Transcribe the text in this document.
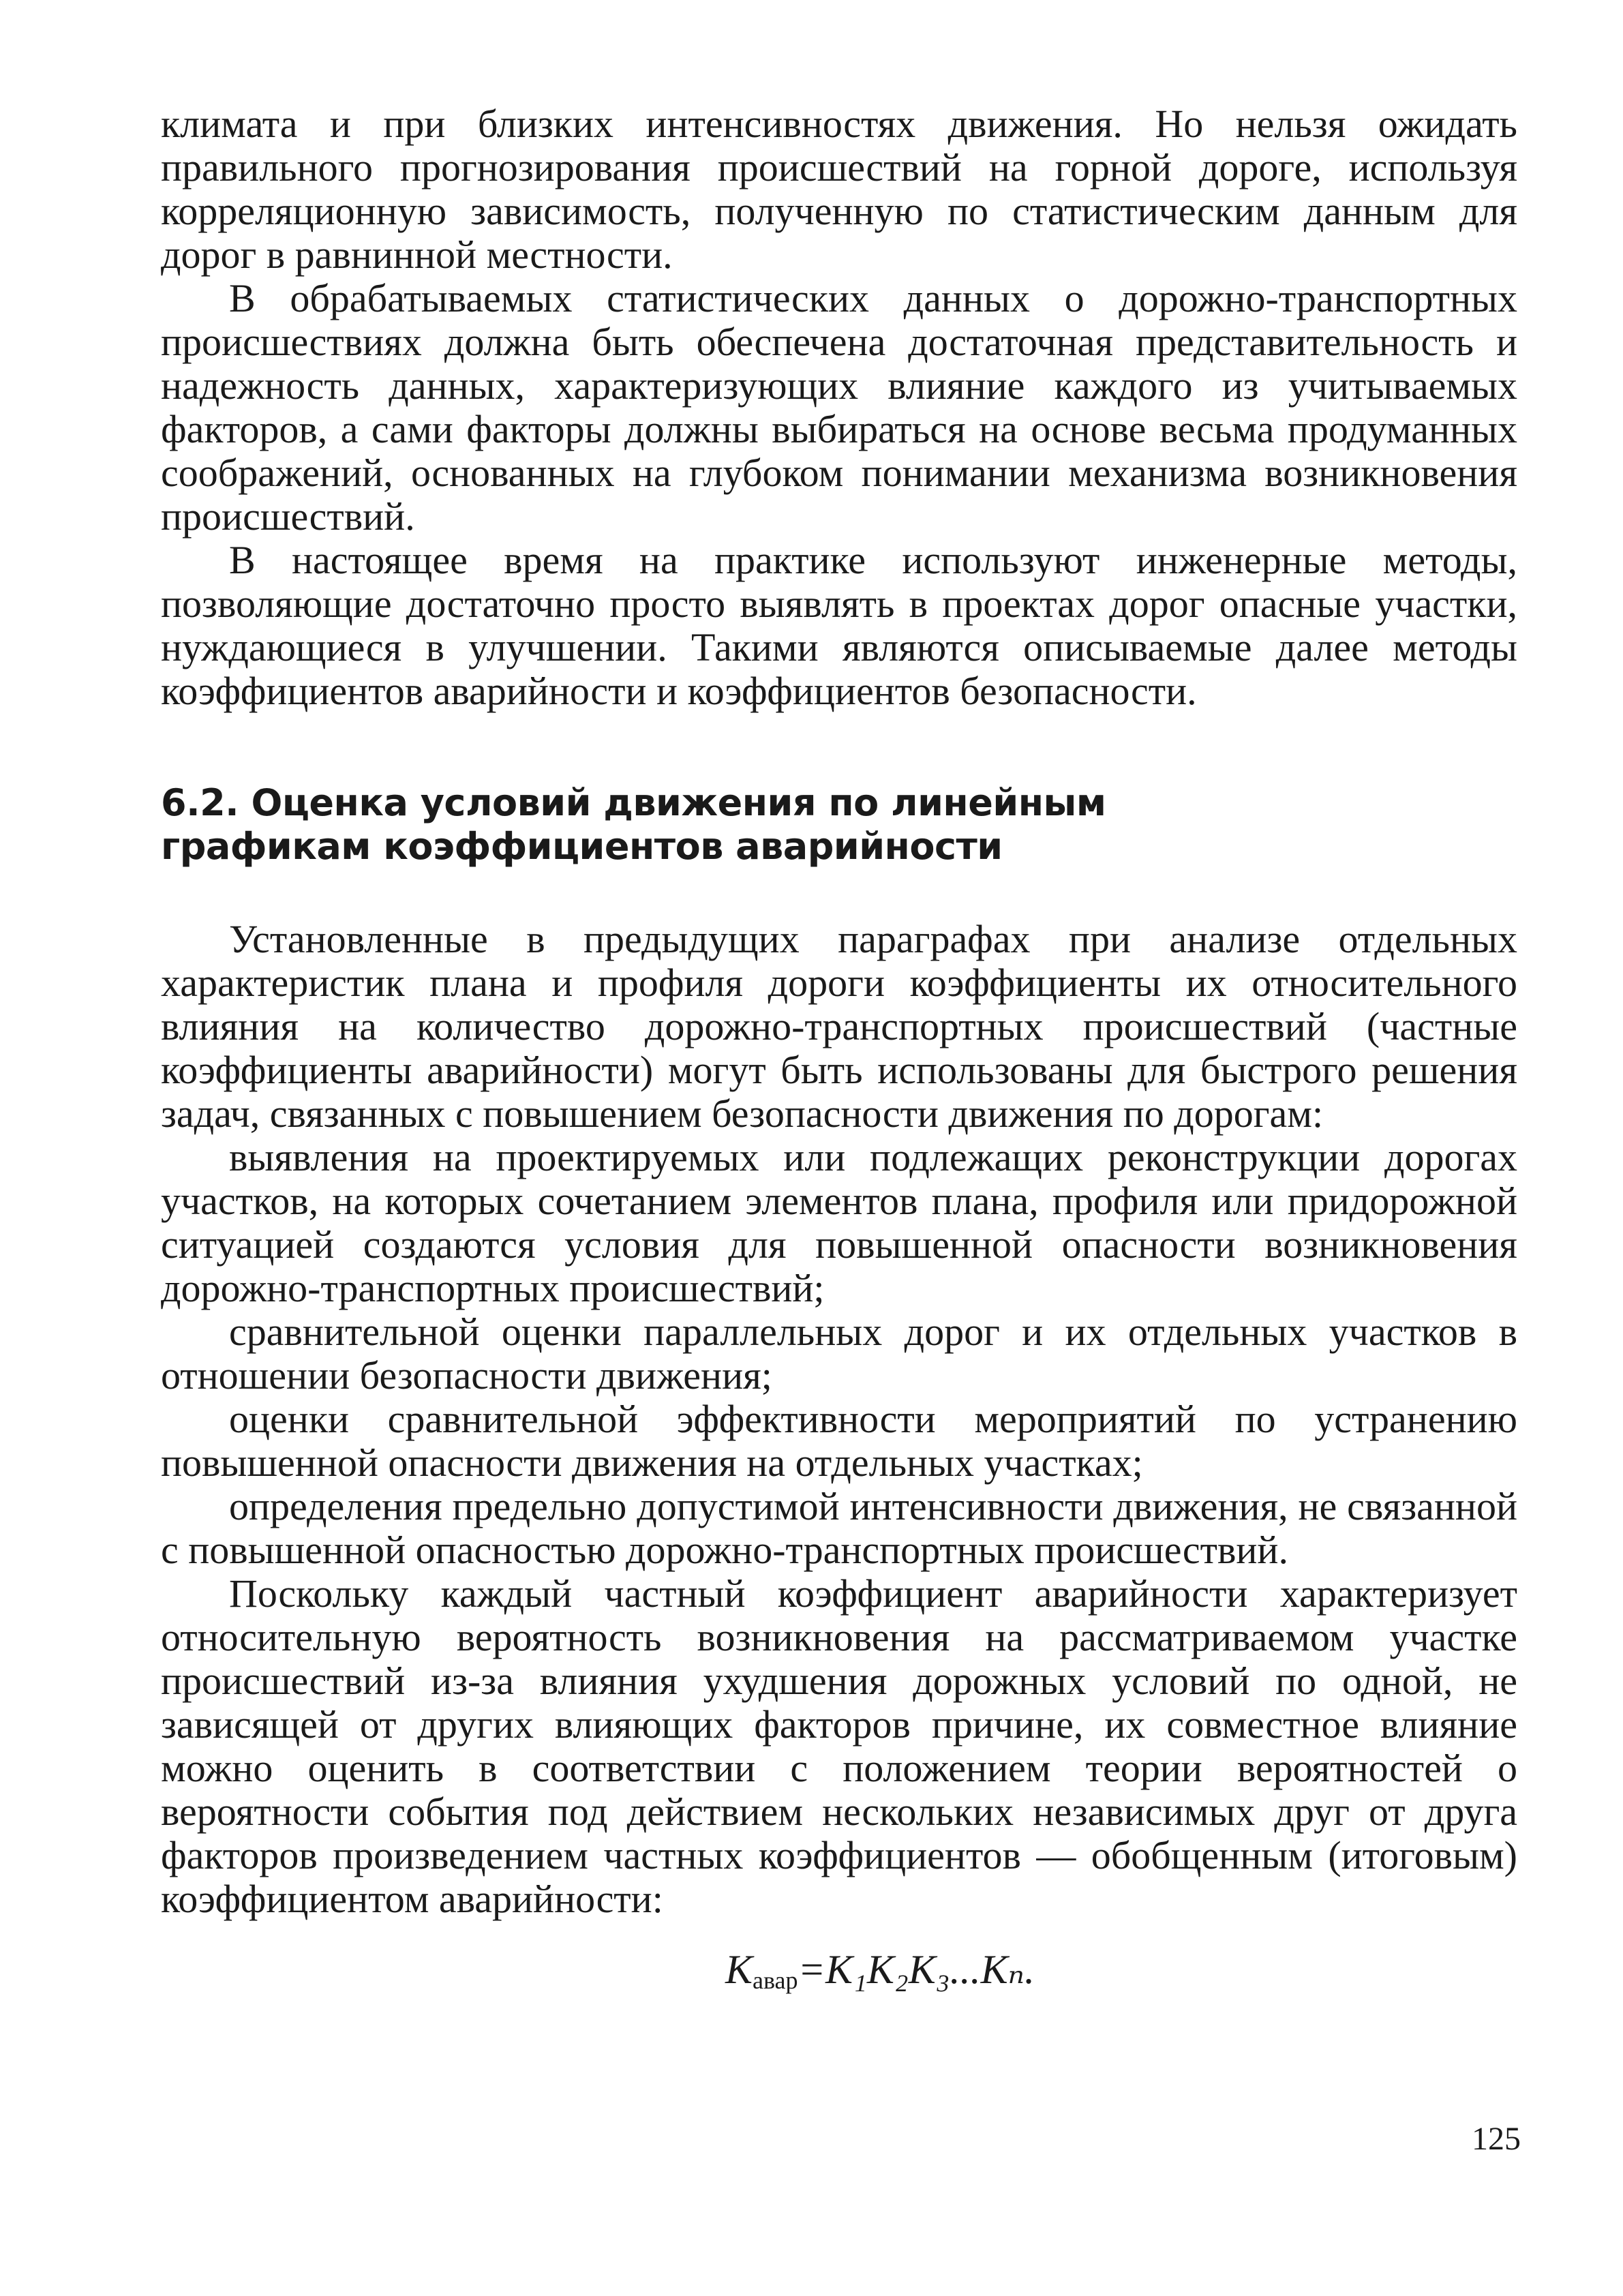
климата и при близких интенсивностях движения. Но нельзя ожидать правильного прогнозирования происшествий на горной дороге, используя корреляционную зависимость, полученную по статистическим данным для дорог в равнинной местности.

В обрабатываемых статистических данных о дорожно-транспортных происшествиях должна быть обеспечена достаточная представительность и надежность данных, характеризующих влияние каждого из учитываемых факторов, а сами факторы должны выбираться на основе весьма продуманных соображений, основанных на глубоком понимании механизма возникновения происшествий.

В настоящее время на практике используют инженерные методы, позволяющие достаточно просто выявлять в проектах дорог опасные участки, нуждающиеся в улучшении. Такими являются описываемые далее методы коэффициентов аварийности и коэффициентов безопасности.

6.2. Оценка условий движения по линейным
графикам коэффициентов аварийности

Установленные в предыдущих параграфах при анализе отдельных характеристик плана и профиля дороги коэффициенты их относительного влияния на количество дорожно-транспортных происшествий (частные коэффициенты аварийности) могут быть использованы для быстрого решения задач, связанных с повышением безопасности движения по дорогам:

выявления на проектируемых или подлежащих реконструкции дорогах участков, на которых сочетанием элементов плана, профиля или придорожной ситуацией создаются условия для повышенной опасности возникновения дорожно-транспортных происшествий;

сравнительной оценки параллельных дорог и их отдельных участков в отношении безопасности движения;

оценки сравнительной эффективности мероприятий по устранению повышенной опасности движения на отдельных участках;

определения предельно допустимой интенсивности движения, не связанной с повышенной опасностью дорожно-транспортных происшествий.

Поскольку каждый частный коэффициент аварийности характеризует относительную вероятность возникновения на рассматриваемом участке происшествий из-за влияния ухудшения дорожных условий по одной, не зависящей от других влияющих факторов причине, их совместное влияние можно оценить в соответствии с положением теории вероятностей о вероятности события под действием нескольких независимых друг от друга факторов произведением частных коэффициентов — обобщенным (итоговым) коэффициентом аварийности:

$K_{авар}=K_1K_2K_3...K_n$.
125
